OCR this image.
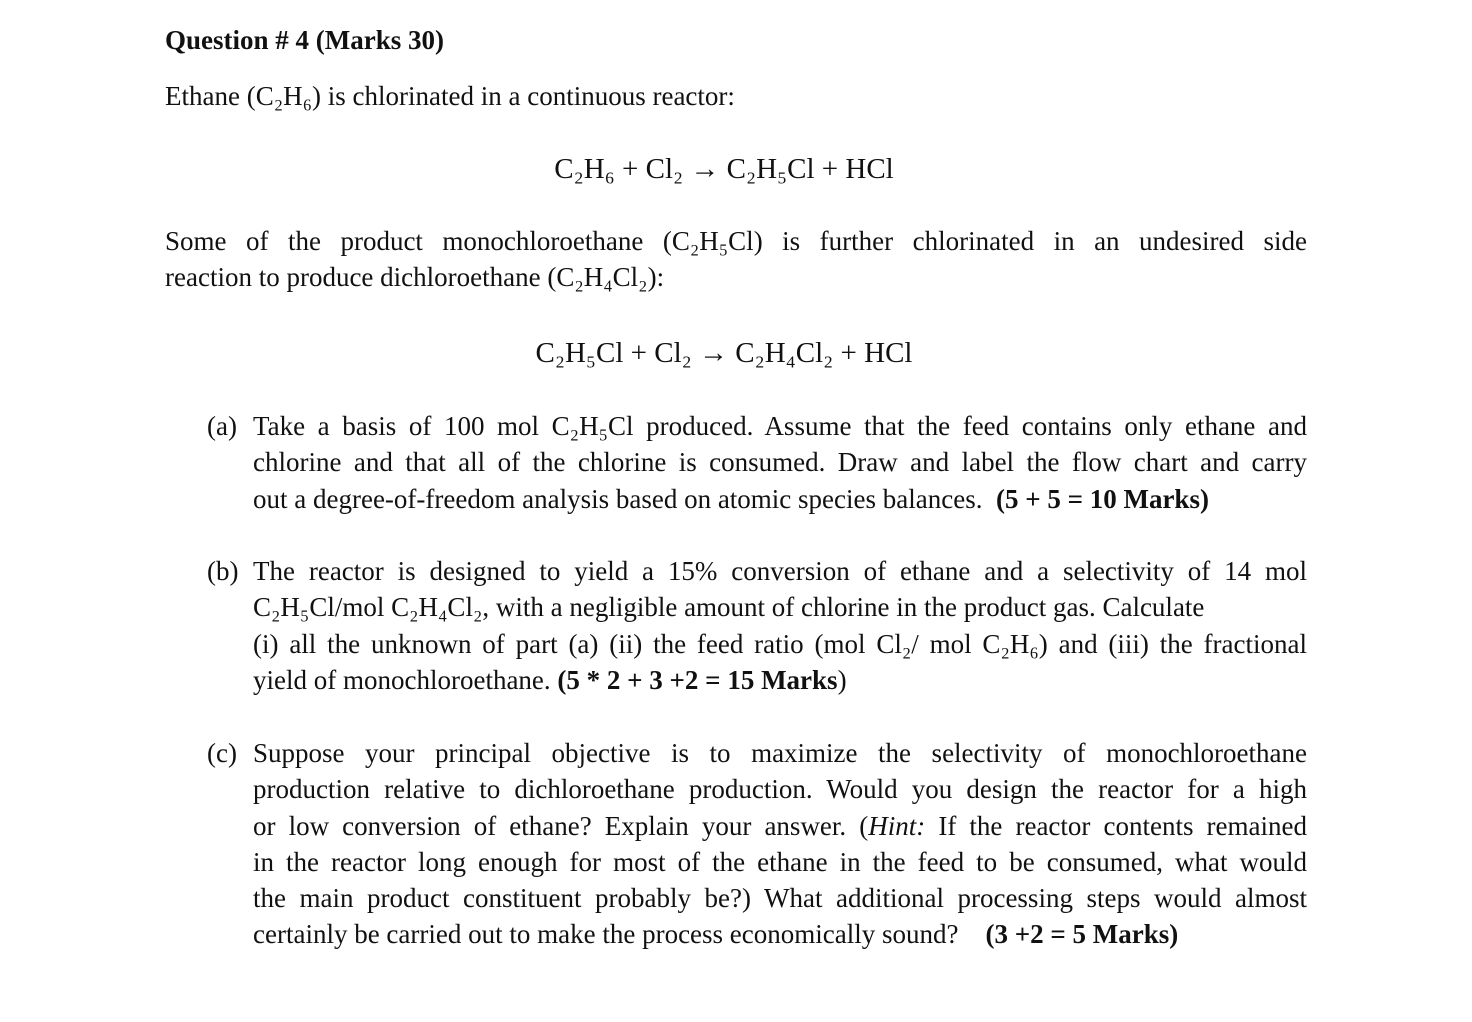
Question # 4 (Marks 30)
Ethane (C₂H₆) is chlorinated in a continuous reactor:
C₂H₆ + Cl₂ → C₂H₅Cl + HCl
Some of the product monochloroethane (C₂H₅Cl) is further chlorinated in an undesired side
reaction to produce dichloroethane (C₂H₄Cl₂):
C₂H₅Cl + Cl₂ → C₂H₄Cl₂ + HCl
(a) Take a basis of 100 mol C₂H₅Cl produced. Assume that the feed contains only ethane and
chlorine and that all of the chlorine is consumed. Draw and label the flow chart and carry
out a degree-of-freedom analysis based on atomic species balances. (5 + 5 = 10 Marks)
(b) The reactor is designed to yield a 15% conversion of ethane and a selectivity of 14 mol
C₂H₅Cl/mol C₂H₄Cl₂, with a negligible amount of chlorine in the product gas. Calculate
(i) all the unknown of part (a) (ii) the feed ratio (mol Cl₂/ mol C₂H₆) and (iii) the fractional
yield of monochloroethane. (5 * 2 + 3 +2 = 15 Marks)
(c) Suppose your principal objective is to maximize the selectivity of monochloroethane
production relative to dichloroethane production. Would you design the reactor for a high
or low conversion of ethane? Explain your answer. (Hint: If the reactor contents remained
in the reactor long enough for most of the ethane in the feed to be consumed, what would
the main product constituent probably be?) What additional processing steps would almost
certainly be carried out to make the process economically sound? (3 +2 = 5 Marks)
